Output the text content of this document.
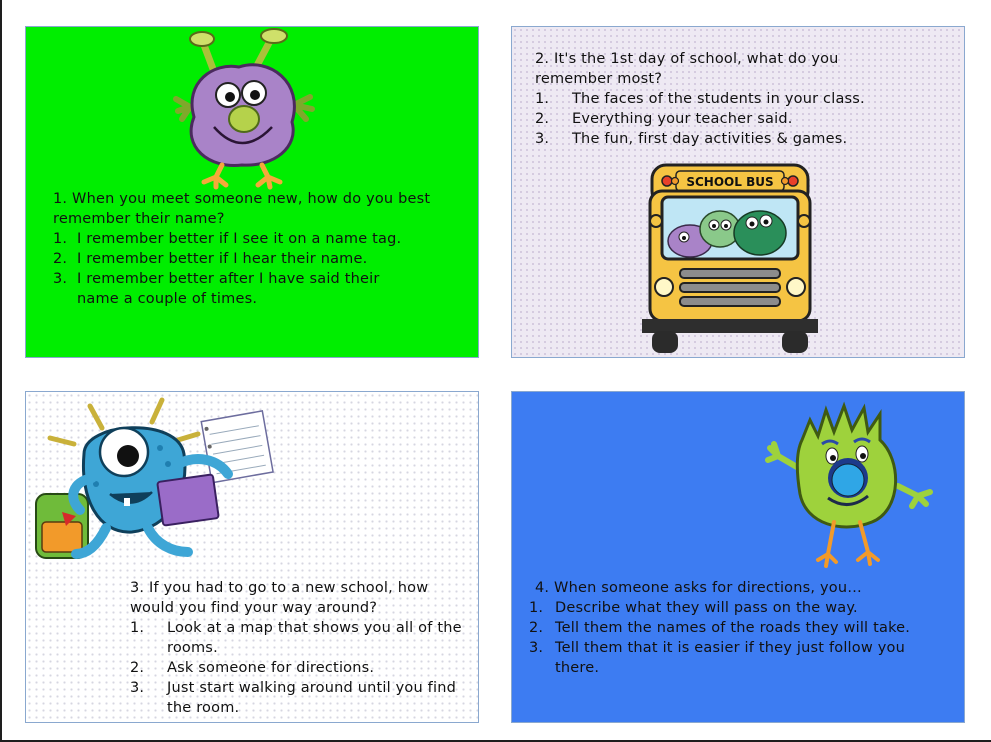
1. When you meet someone new, how do you best remember their name?

1. I remember better if I see it on a name tag.
2. I remember better if I hear their name.
3. I remember better after I have said their name a couple of times.

2. It's the 1st day of school, what do you remember most?

1. The faces of the students in your class.
2. Everything your teacher said.
3. The fun, first day activities & games.
SCHOOL BUS

3. If you had to go to a new school, how would you find your way around?

1. Look at a map that shows you all of the rooms.
2. Ask someone for directions.
3. Just start walking around until you find the room.

4. When someone asks for directions, you…

1. Describe what they will pass on the way.
2. Tell them the names of the roads they will take.
3. Tell them that it is easier if they just follow you there.
